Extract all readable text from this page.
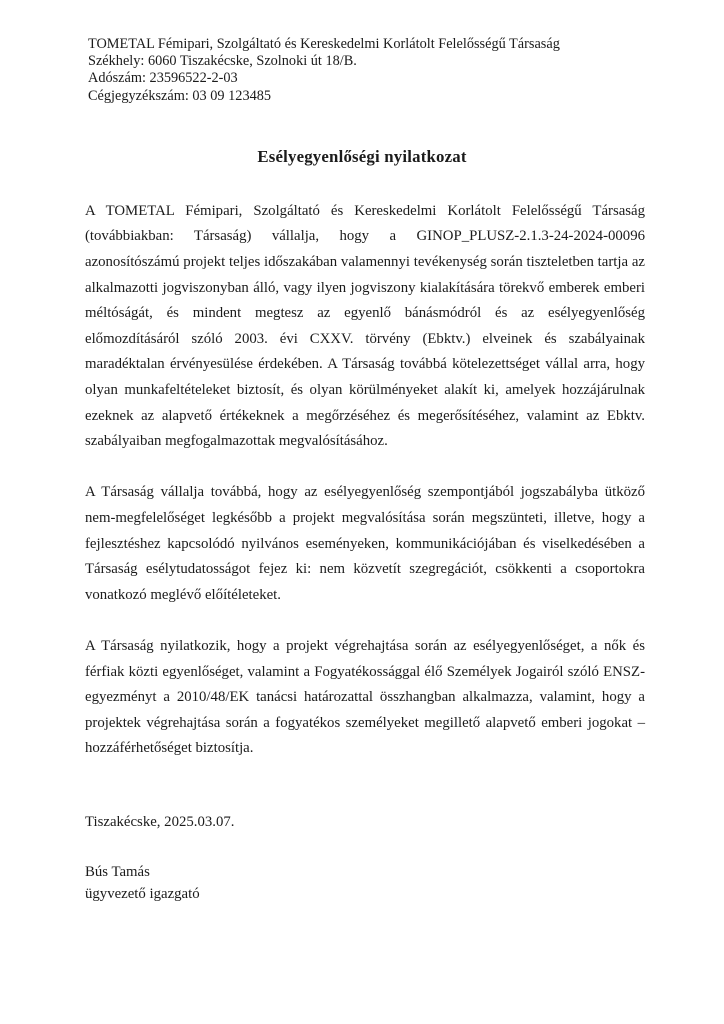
TOMETAL Fémipari, Szolgáltató és Kereskedelmi Korlátolt Felelősségű Társaság
Székhely: 6060 Tiszakécske, Szolnoki út 18/B.
Adószám: 23596522-2-03
Cégjegyzékszám: 03 09 123485
Esélyegyenlőségi nyilatkozat

A TOMETAL Fémipari, Szolgáltató és Kereskedelmi Korlátolt Felelősségű Társaság (továbbiakban: Társaság) vállalja, hogy a GINOP_PLUSZ-2.1.3-24-2024-00096 azonosítószámú projekt teljes időszakában valamennyi tevékenység során tiszteletben tartja az alkalmazotti jogviszonyban álló, vagy ilyen jogviszony kialakítására törekvő emberek emberi méltóságát, és mindent megtesz az egyenlő bánásmódról és az esélyegyenlőség előmozdításáról szóló 2003. évi CXXV. törvény (Ebktv.) elveinek és szabályainak maradéktalan érvényesülése érdekében. A Társaság továbbá kötelezettséget vállal arra, hogy olyan munkafeltételeket biztosít, és olyan körülményeket alakít ki, amelyek hozzájárulnak ezeknek az alapvető értékeknek a megőrzéséhez és megerősítéséhez, valamint az Ebktv. szabályaiban megfogalmazottak megvalósításához.

A Társaság vállalja továbbá, hogy az esélyegyenlőség szempontjából jogszabályba ütköző nem-megfelelőséget legkésőbb a projekt megvalósítása során megszünteti, illetve, hogy a fejlesztéshez kapcsolódó nyilvános eseményeken, kommunikációjában és viselkedésében a Társaság esélytudatosságot fejez ki: nem közvetít szegregációt, csökkenti a csoportokra vonatkozó meglévő előítéleteket.

A Társaság nyilatkozik, hogy a projekt végrehajtása során az esélyegyenlőséget, a nők és férfiak közti egyenlőséget, valamint a Fogyatékossággal élő Személyek Jogairól szóló ENSZ-egyezményt a 2010/48/EK tanácsi határozattal összhangban alkalmazza, valamint, hogy a projektek végrehajtása során a fogyatékos személyeket megillető alapvető emberi jogokat – hozzáférhetőséget biztosítja.

Tiszakécske, 2025.03.07.
Bús Tamás
ügyvezető igazgató
